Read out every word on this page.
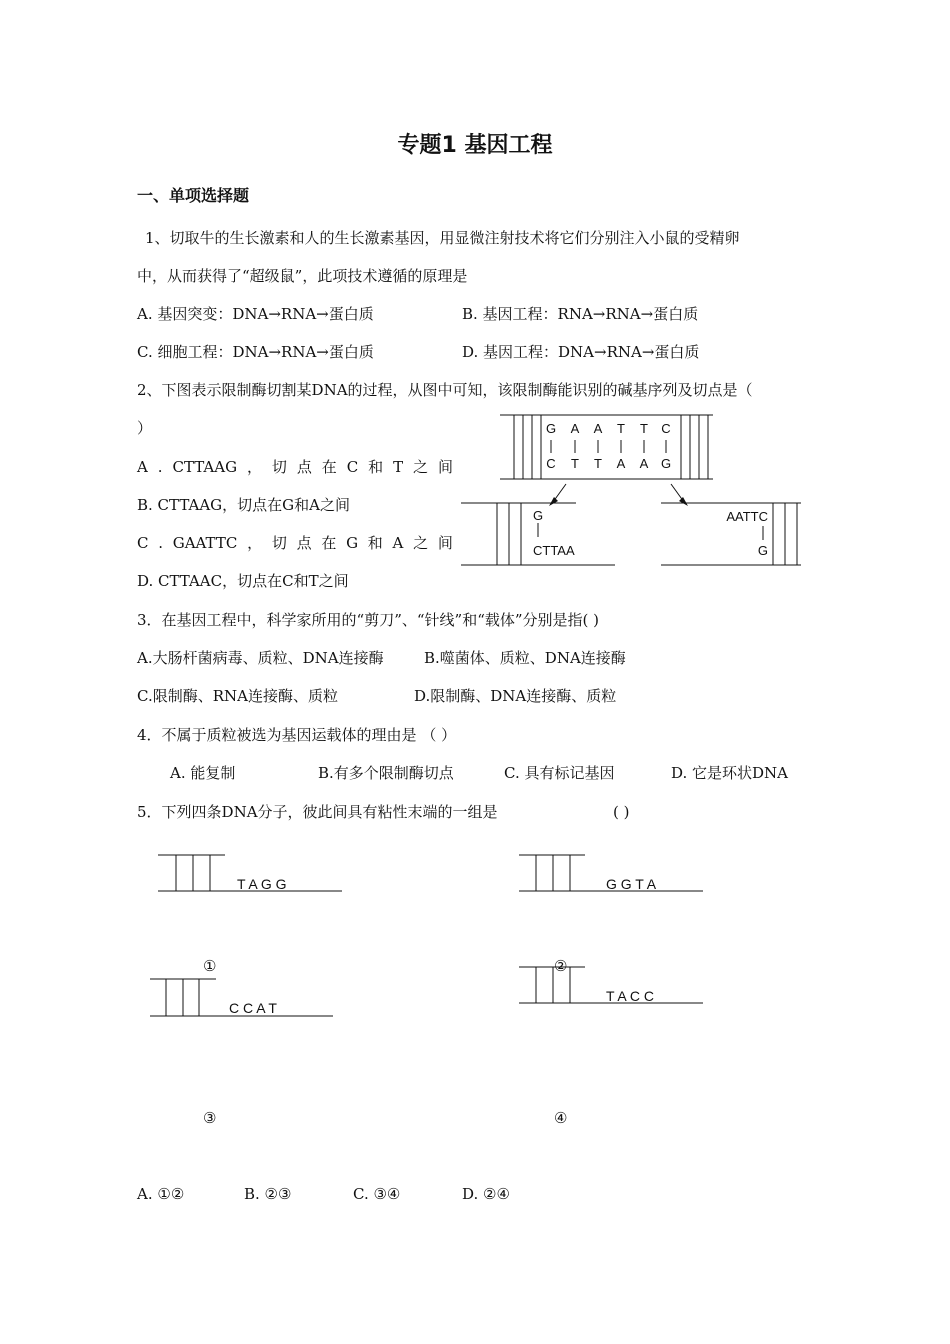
专题1 基因工程
一、单项选择题
1、切取牛的生长激素和人的生长激素基因，用显微注射技术将它们分别注入小鼠的受精卵
中，从而获得了“超级鼠”，此项技术遵循的原理是
A. 基因突变：DNA→RNA→蛋白质	B. 基因工程：RNA→RNA→蛋白质
C. 细胞工程：DNA→RNA→蛋白质	D. 基因工程：DNA→RNA→蛋白质
2、下图表示限制酶切割某DNA的过程，从图中可知，该限制酶能识别的碱基序列及切点是（
）
A . CTTAAG ， 切 点 在 C 和 T 之 间
B. CTTAAG，切点在G和A之间
C . GAATTC ， 切 点 在 G 和 A 之 间
D. CTTAAC，切点在C和T之间
3．在基因工程中，科学家所用的“剪刀”、“针线”和“载体”分别是指( )
A.大肠杆菌病毒、质粒、DNA连接酶	B.噬菌体、质粒、DNA连接酶
C.限制酶、RNA连接酶、质粒	D.限制酶、DNA连接酶、质粒
4．不属于质粒被选为基因运载体的理由是 （ ）
A. 能复制	B.有多个限制酶切点	C. 具有标记基因	D. 它是环状DNA
5．下列四条DNA分子，彼此间具有粘性末端的一组是	( )
①	②
③	④
A. ①②	B. ②③	C. ③④	D. ②④
G A A T T C
C T T A A G
G
CTTAA
AATTC
G
T A G G	G G T A
C C A T
T A C C
